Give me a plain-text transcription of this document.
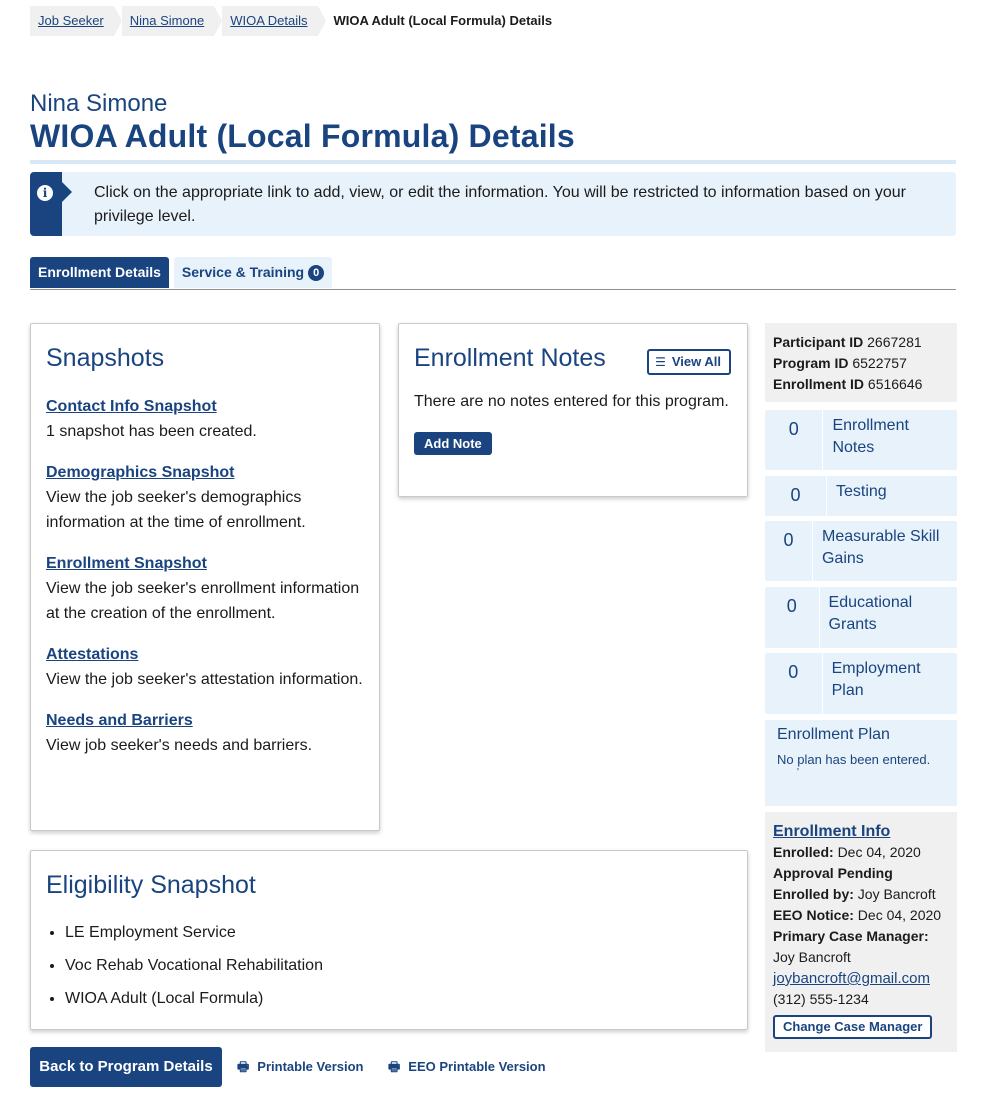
Job Seeker	Nina Simone	WIOA Details	WIOA Adult (Local Formula) Details
Nina Simone
WIOA Adult (Local Formula) Details
i	Click on the appropriate link to add, view, or edit the information. You will be restricted to information based on your privilege level.
Enrollment Details	Service & Training 0
Snapshots
Contact Info Snapshot
1 snapshot has been created.
Demographics Snapshot
View the job seeker's demographics information at the time of enrollment.
Enrollment Snapshot
View the job seeker's enrollment information at the creation of the enrollment.
Attestations
View the job seeker's attestation information.
Needs and Barriers
View job seeker's needs and barriers.
Enrollment Notes	☰ View All
There are no notes entered for this program.
Add Note
Eligibility Snapshot
• LE Employment Service
• Voc Rehab Vocational Rehabilitation
• WIOA Adult (Local Formula)
Participant ID 2667281
Program ID 6522757
Enrollment ID 6516646
0	Enrollment Notes
0	Testing
0	Measurable Skill Gains
0	Educational Grants
0	Employment Plan
Enrollment Plan
No plan has been entered.
'
Enrollment Info
Enrolled: Dec 04, 2020
Approval Pending
Enrolled by: Joy Bancroft
EEO Notice: Dec 04, 2020
Primary Case Manager:
Joy Bancroft
joybancroft@gmail.com
(312) 555-1234
Change Case Manager
Back to Program Details	🖶 Printable Version 🖶 EEO Printable Version
